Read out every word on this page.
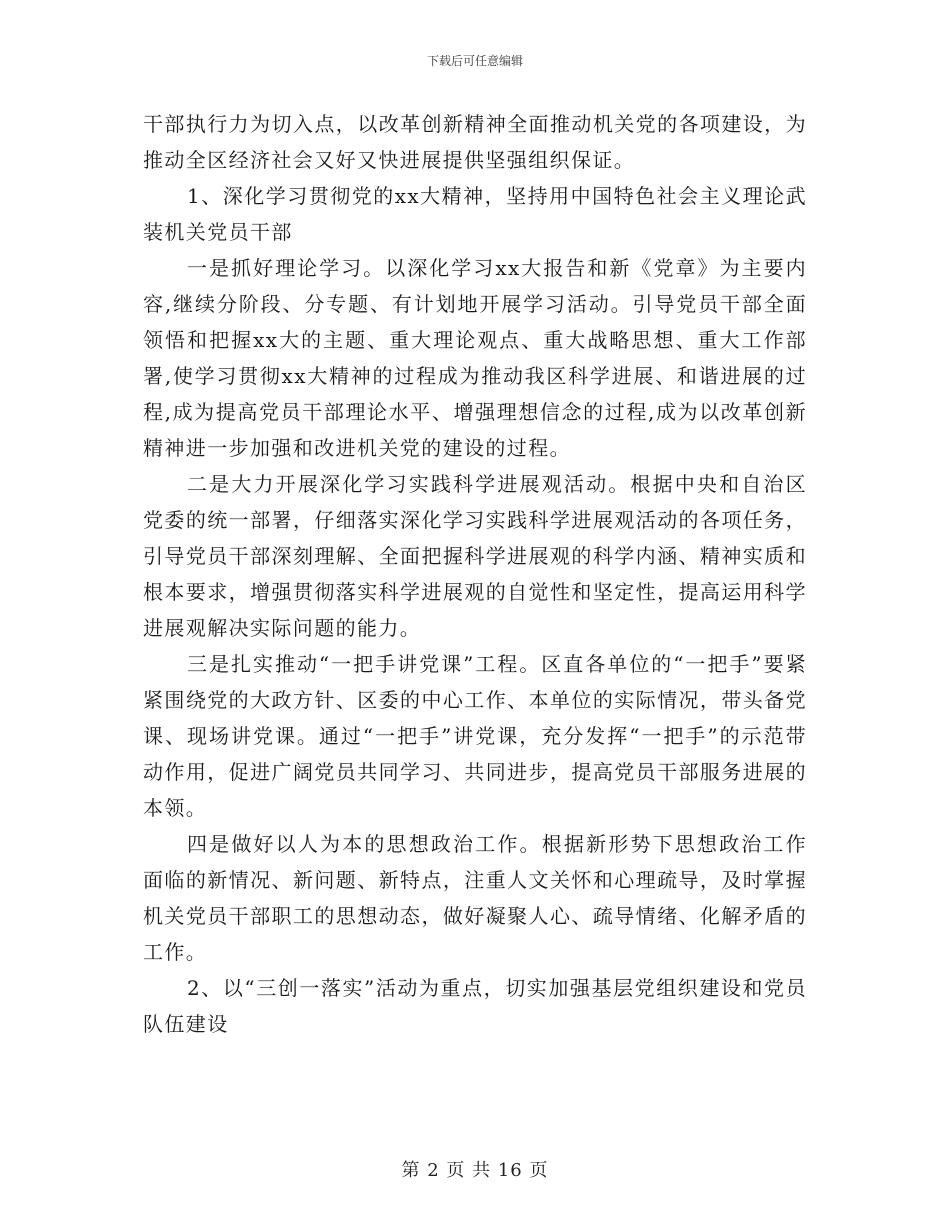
下载后可任意编辑

干部执行力为切入点，以改革创新精神全面推动机关党的各项建设，为推动全区经济社会又好又快进展提供坚强组织保证。

1、深化学习贯彻党的xx大精神，坚持用中国特色社会主义理论武装机关党员干部

一是抓好理论学习。以深化学习xx大报告和新《党章》为主要内容,继续分阶段、分专题、有计划地开展学习活动。引导党员干部全面领悟和把握xx大的主题、重大理论观点、重大战略思想、重大工作部署,使学习贯彻xx大精神的过程成为推动我区科学进展、和谐进展的过程,成为提高党员干部理论水平、增强理想信念的过程,成为以改革创新精神进一步加强和改进机关党的建设的过程。

二是大力开展深化学习实践科学进展观活动。根据中央和自治区党委的统一部署，仔细落实深化学习实践科学进展观活动的各项任务，引导党员干部深刻理解、全面把握科学进展观的科学内涵、精神实质和根本要求，增强贯彻落实科学进展观的自觉性和坚定性，提高运用科学进展观解决实际问题的能力。

三是扎实推动“一把手讲党课”工程。区直各单位的“一把手”要紧紧围绕党的大政方针、区委的中心工作、本单位的实际情况，带头备党课、现场讲党课。通过“一把手”讲党课，充分发挥“一把手”的示范带动作用，促进广阔党员共同学习、共同进步，提高党员干部服务进展的本领。

四是做好以人为本的思想政治工作。根据新形势下思想政治工作面临的新情况、新问题、新特点，注重人文关怀和心理疏导，及时掌握机关党员干部职工的思想动态，做好凝聚人心、疏导情绪、化解矛盾的工作。

2、以“三创一落实”活动为重点，切实加强基层党组织建设和党员队伍建设

第 2 页 共 16 页
